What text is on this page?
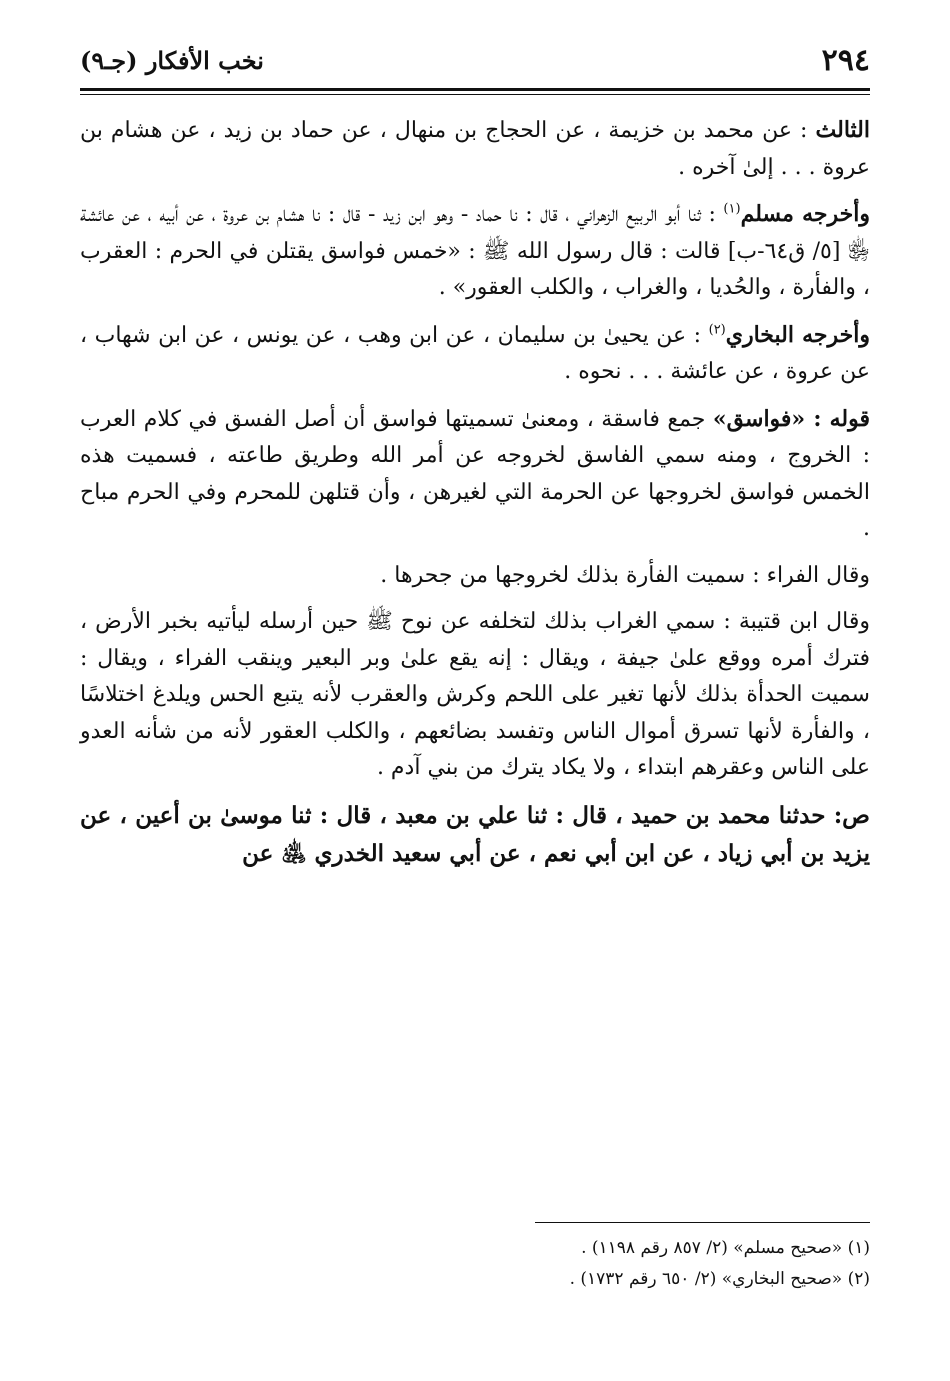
٢٩٤
نخب الأفكار (جـ٩)

الثالث : عن محمد بن خزيمة ، عن الحجاج بن منهال ، عن حماد بن زيد ، عن هشام بن عروة . . . إلىٰ آخره .

وأخرجه مسلم$^{(١)}$ : ثنا أبو الربيع الزهراني ، قال : نا حماد - وهو ابن زيد - قال : نا هشام بن عروة ، عن أبيه ، عن عائشة ﵂ [٥/ ق٦٤-ب] قالت : قال رسول الله ﷺ : «خمس فواسق يقتلن في الحرم : العقرب ، والفأرة ، والحُديا ، والغراب ، والكلب العقور» .

وأخرجه البخاري$^{(٢)}$ : عن يحيىٰ بن سليمان ، عن ابن وهب ، عن يونس ، عن ابن شهاب ، عن عروة ، عن عائشة . . . نحوه .

قوله : «فواسق» جمع فاسقة ، ومعنىٰ تسميتها فواسق أن أصل الفسق في كلام العرب : الخروج ، ومنه سمي الفاسق لخروجه عن أمر الله وطريق طاعته ، فسميت هذه الخمس فواسق لخروجها عن الحرمة التي لغيرهن ، وأن قتلهن للمحرم وفي الحرم مباح .

وقال الفراء : سميت الفأرة بذلك لخروجها من جحرها .

وقال ابن قتيبة : سمي الغراب بذلك لتخلفه عن نوح ﷺ حين أرسله ليأتيه بخبر الأرض ، فترك أمره ووقع علىٰ جيفة ، ويقال : إنه يقع علىٰ وبر البعير وينقب الفراء ، ويقال : سميت الحدأة بذلك لأنها تغير على اللحم وكرش والعقرب لأنه يتبع الحس ويلدغ اختلاسًا ، والفأرة لأنها تسرق أموال الناس وتفسد بضائعهم ، والكلب العقور لأنه من شأنه العدو على الناس وعقرهم ابتداء ، ولا يكاد يترك من بني آدم .

ص: حدثنا محمد بن حميد ، قال : ثنا علي بن معبد ، قال : ثنا موسىٰ بن أعين ، عن يزيد بن أبي زياد ، عن ابن أبي نعم ، عن أبي سعيد الخدري ﵁ عن

(١) «صحيح مسلم» (٢/ ٨٥٧ رقم ١١٩٨) .
(٢) «صحيح البخاري» (٢/ ٦٥٠ رقم ١٧٣٢) .
